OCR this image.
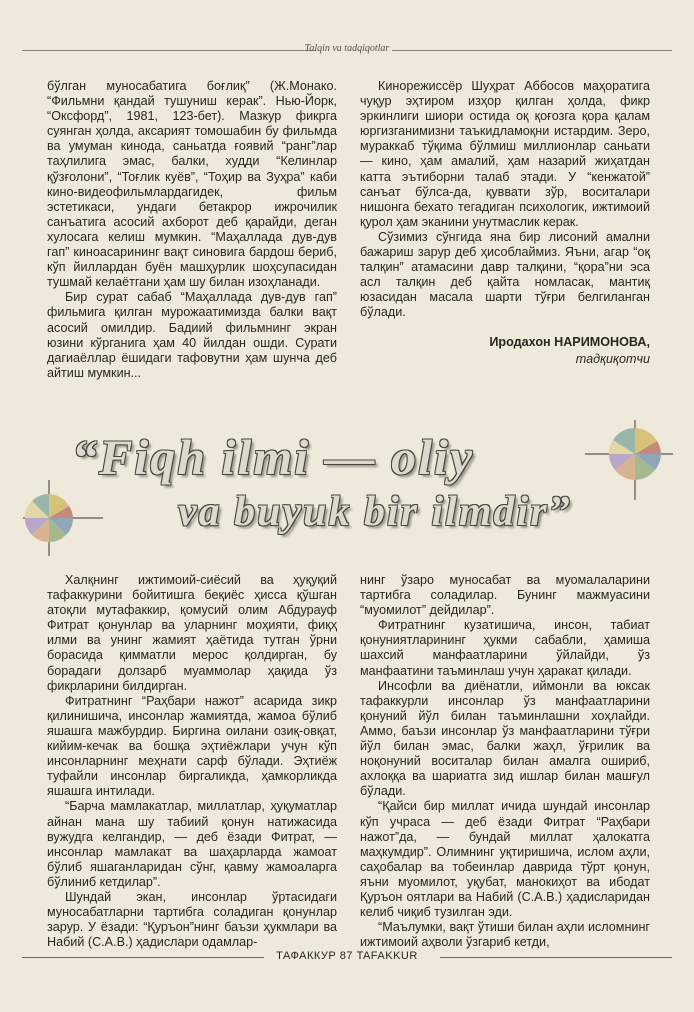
Talqin va tadqiqotlar

бўлган муносабатига боғлиқ” (Ж.Монако. “Фильмни қандай тушуниш керак”. Нью-Йорк, “Оксфорд”, 1981, 123-бет). Мазкур фикрга суянган ҳолда, аксарият томошабин бу фильмда ва умуман кинода, саньатда ғоявий “ранг”лар таҳлилига эмас, балки, худди “Келинлар қўзғолони”, “Тоғлик куёв”, “Тоҳир ва Зуҳра” каби кино-видеофильмлардагидек, фильм эстетикаси, ундаги бетакрор ижрочилик санъатига асосий ахборот деб қарайди, деган хулосага келиш мумкин. “Маҳаллада дув-дув гап” киноасарининг вақт синовига бардош бериб, кўп йиллардан буён машҳурлик шоҳсупасидан тушмай келаётгани ҳам шу билан изоҳланади.

Бир сурат сабаб “Маҳаллада дув-дув гап” фильмига қилган мурожаатимизда балки вақт асосий омилдир. Бадиий фильмнинг экран юзини кўрганига ҳам 40 йилдан ошди. Сурати дагиаёллар ёшидаги тафовутни ҳам шунча деб айтиш мумкин...

Кинорежиссёр Шуҳрат Аббосов маҳоратига чуқур эҳтиром изҳор қилган ҳолда, фикр эркинлиги шиори остида оқ қоғозга қора қалам юргизганимизни таъкидламоқни истардим. Зеро, мураккаб тўқима бўлмиш миллионлар саньати — кино, ҳам амалий, ҳам назарий жиҳатдан катта эътиборни талаб этади. У “кенжатой” санъат бўлса-да, қуввати зўр, воситалари нишонга бехато тегадиган психологик, ижтимоий қурол ҳам эканини унутмаслик керак.

Сўзимиз сўнгида яна бир лисоний амални бажариш зарур деб ҳисоблаймиз. Яъни, агар “оқ талқин” атамасини давр талқини, “қора”ни эса асл талқин деб қайта номласак, мантиқ юзасидан масала шарти тўғри белгиланган бўлади.

Иродахон НАРИМОНОВА,
тадқиқотчи
“Fiqh ilmi — oliy
va buyuk bir ilmdir”

Халқнинг ижтимоий-сиёсий ва ҳуқуқий тафаккурини бойитишга беқиёс ҳисса қўшган атоқли мутафаккир, қомусий олим Абдурауф Фитрат қонунлар ва уларнинг моҳияти, фиқҳ илми ва унинг жамият ҳаётида тутган ўрни борасида қимматли мерос қолдирган, бу борадаги долзарб муаммолар ҳақида ўз фикрларини билдирган.

Фитратнинг “Раҳбари нажот” асарида зикр қилинишича, инсонлар жамиятда, жамоа бўлиб яшашга мажбурдир. Биргина оилани озиқ-овқат, кийим-кечак ва бошқа эҳтиёжлари учун кўп инсонларнинг меҳнати сарф бўлади. Эҳтиёж туфайли инсонлар биргаликда, ҳамкорликда яшашга интилади.

“Барча мамлакатлар, миллатлар, ҳуқуматлар айнан мана шу табиий қонун натижасида вужудга келгандир, — деб ёзади Фитрат, — инсонлар мамлакат ва шаҳарларда жамоат бўлиб яшаганларидан сўнг, қавму жамоаларга бўлиниб кетдилар”.

Шундай экан, инсонлар ўртасидаги муносабатларни тартибга соладиган қонунлар зарур. У ёзади: “Қуръон”нинг баъзи ҳукмлари ва Набий (С.А.В.) ҳадислари одамлар-

нинг ўзаро муносабат ва муомалаларини тартибга соладилар. Бунинг мажмуасини “муомилот” дейдилар”.

Фитратнинг кузатишича, инсон, табиат қонуниятларининг ҳукми сабабли, ҳамиша шахсий манфаатларини ўйлайди, ўз манфаатини таъминлаш учун ҳаракат қилади.

Инсофли ва диёнатли, иймонли ва юксак тафаккурли инсонлар ўз манфаатларини қонуний йўл билан таъминлашни хоҳлайди. Аммо, баъзи инсонлар ўз манфаатларини тўғри йўл билан эмас, балки жаҳл, ўғрилик ва ноқонуний воситалар билан амалга ошириб, ахлоққа ва шариатга зид ишлар билан машғул бўлади.

“Қайси бир миллат ичида шундай инсонлар кўп учраса — деб ёзади Фитрат “Раҳбари нажот”да, — бундай миллат ҳалокатга маҳкумдир”. Олимнинг уқтиришича, ислом аҳли, саҳобалар ва тобеинлар даврида тўрт қонун, яъни муомилот, уқубат, манокиҳот ва ибодат Қуръон оятлари ва Набий (С.А.В.) ҳадисларидан келиб чиқиб тузилган эди.

“Маълумки, вақт ўтиши билан аҳли исломнинг ижтимоий аҳволи ўзгариб кетди,

ТАФАККУР 87 TAFAKKUR
